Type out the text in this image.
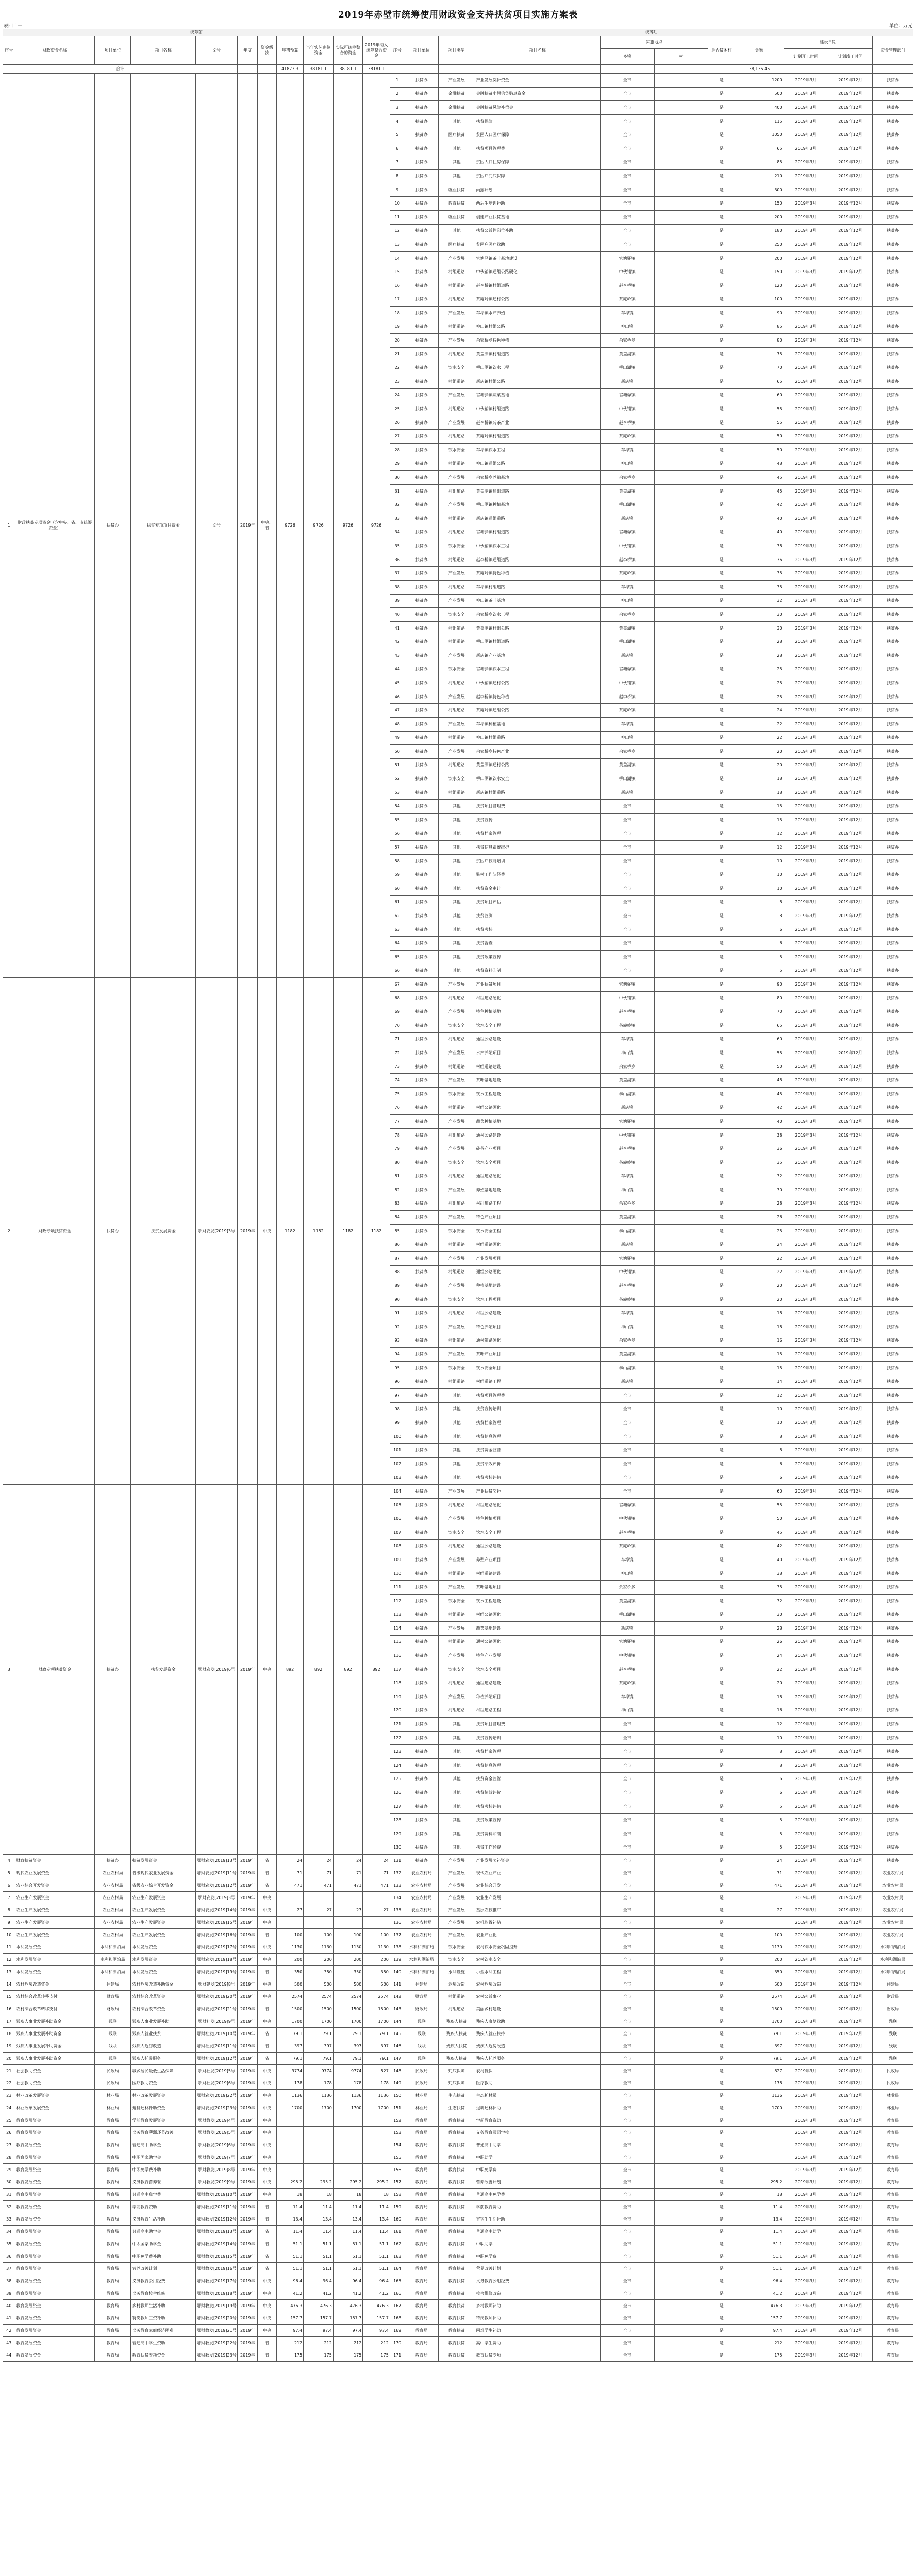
2019年赤壁市统筹使用财政资金支持扶贫项目实施方案表
表四十一	单位：万元
统筹前											统筹后										
序号	财政资金名称	项目单位	项目名称	文号	年度	资金级次	年初预算	当年实际到位资金	实际可统筹整合的资金	2019年纳入统筹整合资金	序号	项目单位	项目类型	项目名称	实施地点		是否贫困村	金额	建设日期		资金管理部门
															乡镇	村			计划开工时间	计划竣工时间	
合计							41873.3	38181.1	38181.1	38181.1								38,135.45			
1	财政扶贫专项资金（含中央、省、市统筹资金）	扶贫办	扶贫专项项目资金	文号	2019年	中央、省	9726	9726	9726	9726	1	扶贫办	产业发展	产业发展奖补资金	全市		是	1200	2019年3月	2019年12月	扶贫办
											2	扶贫办	金融扶贫	金融扶贫小额信贷贴息资金	全市		是	500	2019年3月	2019年12月	扶贫办
											3	扶贫办	金融扶贫	金融扶贫风险补偿金	全市		是	400	2019年3月	2019年12月	扶贫办
											4	扶贫办	其他	扶贫保险	全市		是	115	2019年3月	2019年12月	扶贫办
											5	扶贫办	医疗扶贫	贫困人口医疗保障	全市		是	1050	2019年3月	2019年12月	扶贫办
											6	扶贫办	其他	扶贫项目管理费	全市		是	65	2019年3月	2019年12月	扶贫办
											7	扶贫办	其他	贫困人口住房保障	全市		是	85	2019年3月	2019年12月	扶贫办
											8	扶贫办	其他	贫困户兜底保障	全市		是	210	2019年3月	2019年12月	扶贫办
											9	扶贫办	就业扶贫	雨露计划	全市		是	300	2019年3月	2019年12月	扶贫办
											10	扶贫办	教育扶贫	两后生培训补助	全市		是	150	2019年3月	2019年12月	扶贫办
											11	扶贫办	就业扶贫	创建产业扶贫基地	全市		是	200	2019年3月	2019年12月	扶贫办
											12	扶贫办	其他	扶贫公益性岗位补助	全市		是	180	2019年3月	2019年12月	扶贫办
											13	扶贫办	医疗扶贫	贫困户医疗救助	全市		是	250	2019年3月	2019年12月	扶贫办
											14	扶贫办	产业发展	官塘驿镇茶叶基地建设	官塘驿镇		是	200	2019年3月	2019年12月	扶贫办
											15	扶贫办	村组道路	中伙铺镇通组公路硬化	中伙铺镇		是	150	2019年3月	2019年12月	扶贫办
											16	扶贫办	村组道路	赵李桥镇村组道路	赵李桥镇		是	120	2019年3月	2019年12月	扶贫办
											17	扶贫办	村组道路	茶庵岭镇通村公路	茶庵岭镇		是	100	2019年3月	2019年12月	扶贫办
											18	扶贫办	产业发展	车埠镇水产养殖	车埠镇		是	90	2019年3月	2019年12月	扶贫办
											19	扶贫办	村组道路	神山镇村组公路	神山镇		是	85	2019年3月	2019年12月	扶贫办
											20	扶贫办	产业发展	余家桥乡特色种植	余家桥乡		是	80	2019年3月	2019年12月	扶贫办
											21	扶贫办	村组道路	黄盖湖镇村组道路	黄盖湖镇		是	75	2019年3月	2019年12月	扶贫办
											22	扶贫办	饮水安全	柳山湖镇饮水工程	柳山湖镇		是	70	2019年3月	2019年12月	扶贫办
											23	扶贫办	村组道路	新店镇村组公路	新店镇		是	65	2019年3月	2019年12月	扶贫办
											24	扶贫办	产业发展	官塘驿镇蔬菜基地	官塘驿镇		是	60	2019年3月	2019年12月	扶贫办
											25	扶贫办	村组道路	中伙铺镇村组道路	中伙铺镇		是	55	2019年3月	2019年12月	扶贫办
											26	扶贫办	产业发展	赵李桥镇砖茶产业	赵李桥镇		是	55	2019年3月	2019年12月	扶贫办
											27	扶贫办	村组道路	茶庵岭镇村组道路	茶庵岭镇		是	50	2019年3月	2019年12月	扶贫办
											28	扶贫办	饮水安全	车埠镇饮水工程	车埠镇		是	50	2019年3月	2019年12月	扶贫办
											29	扶贫办	村组道路	神山镇通组公路	神山镇		是	48	2019年3月	2019年12月	扶贫办
											30	扶贫办	产业发展	余家桥乡养殖基地	余家桥乡		是	45	2019年3月	2019年12月	扶贫办
											31	扶贫办	村组道路	黄盖湖镇通组道路	黄盖湖镇		是	45	2019年3月	2019年12月	扶贫办
											32	扶贫办	产业发展	柳山湖镇种植基地	柳山湖镇		是	42	2019年3月	2019年12月	扶贫办
											33	扶贫办	村组道路	新店镇通组道路	新店镇		是	40	2019年3月	2019年12月	扶贫办
											34	扶贫办	村组道路	官塘驿镇村组道路	官塘驿镇		是	40	2019年3月	2019年12月	扶贫办
											35	扶贫办	饮水安全	中伙铺镇饮水工程	中伙铺镇		是	38	2019年3月	2019年12月	扶贫办
											36	扶贫办	村组道路	赵李桥镇通组道路	赵李桥镇		是	36	2019年3月	2019年12月	扶贫办
											37	扶贫办	产业发展	茶庵岭镇特色种植	茶庵岭镇		是	35	2019年3月	2019年12月	扶贫办
											38	扶贫办	村组道路	车埠镇村组道路	车埠镇		是	35	2019年3月	2019年12月	扶贫办
											39	扶贫办	产业发展	神山镇茶叶基地	神山镇		是	32	2019年3月	2019年12月	扶贫办
											40	扶贫办	饮水安全	余家桥乡饮水工程	余家桥乡		是	30	2019年3月	2019年12月	扶贫办
											41	扶贫办	村组道路	黄盖湖镇村组公路	黄盖湖镇		是	30	2019年3月	2019年12月	扶贫办
											42	扶贫办	村组道路	柳山湖镇村组道路	柳山湖镇		是	28	2019年3月	2019年12月	扶贫办
											43	扶贫办	产业发展	新店镇产业基地	新店镇		是	28	2019年3月	2019年12月	扶贫办
											44	扶贫办	饮水安全	官塘驿镇饮水工程	官塘驿镇		是	25	2019年3月	2019年12月	扶贫办
											45	扶贫办	村组道路	中伙铺镇通村公路	中伙铺镇		是	25	2019年3月	2019年12月	扶贫办
											46	扶贫办	产业发展	赵李桥镇特色种植	赵李桥镇		是	25	2019年3月	2019年12月	扶贫办
											47	扶贫办	村组道路	茶庵岭镇通组公路	茶庵岭镇		是	24	2019年3月	2019年12月	扶贫办
											48	扶贫办	产业发展	车埠镇种植基地	车埠镇		是	22	2019年3月	2019年12月	扶贫办
											49	扶贫办	村组道路	神山镇村组道路	神山镇		是	22	2019年3月	2019年12月	扶贫办
											50	扶贫办	产业发展	余家桥乡特色产业	余家桥乡		是	20	2019年3月	2019年12月	扶贫办
											51	扶贫办	村组道路	黄盖湖镇通村公路	黄盖湖镇		是	20	2019年3月	2019年12月	扶贫办
											52	扶贫办	饮水安全	柳山湖镇饮水安全	柳山湖镇		是	18	2019年3月	2019年12月	扶贫办
											53	扶贫办	村组道路	新店镇村组道路	新店镇		是	18	2019年3月	2019年12月	扶贫办
											54	扶贫办	其他	扶贫项目管理费	全市		是	15	2019年3月	2019年12月	扶贫办
											55	扶贫办	其他	扶贫宣传	全市		是	15	2019年3月	2019年12月	扶贫办
											56	扶贫办	其他	扶贫档案管理	全市		是	12	2019年3月	2019年12月	扶贫办
											57	扶贫办	其他	扶贫信息系统维护	全市		是	12	2019年3月	2019年12月	扶贫办
											58	扶贫办	其他	贫困户技能培训	全市		是	10	2019年3月	2019年12月	扶贫办
											59	扶贫办	其他	驻村工作队经费	全市		是	10	2019年3月	2019年12月	扶贫办
											60	扶贫办	其他	扶贫资金审计	全市		是	10	2019年3月	2019年12月	扶贫办
											61	扶贫办	其他	扶贫项目评估	全市		是	8	2019年3月	2019年12月	扶贫办
											62	扶贫办	其他	扶贫监测	全市		是	8	2019年3月	2019年12月	扶贫办
											63	扶贫办	其他	扶贫考核	全市		是	6	2019年3月	2019年12月	扶贫办
											64	扶贫办	其他	扶贫督查	全市		是	6	2019年3月	2019年12月	扶贫办
											65	扶贫办	其他	扶贫政策宣传	全市		是	5	2019年3月	2019年12月	扶贫办
											66	扶贫办	其他	扶贫资料印制	全市		是	5	2019年3月	2019年12月	扶贫办
2	财政专项扶贫资金	扶贫办	扶贫发展资金	鄂财农发[2019]3号	2019年	中央	1182	1182	1182	1182	67	扶贫办	产业发展	产业扶贫项目	官塘驿镇		是	90	2019年3月	2019年12月	扶贫办
											68	扶贫办	村组道路	村组道路硬化	中伙铺镇		是	80	2019年3月	2019年12月	扶贫办
											69	扶贫办	产业发展	特色种植基地	赵李桥镇		是	70	2019年3月	2019年12月	扶贫办
											70	扶贫办	饮水安全	饮水安全工程	茶庵岭镇		是	65	2019年3月	2019年12月	扶贫办
											71	扶贫办	村组道路	通组公路建设	车埠镇		是	60	2019年3月	2019年12月	扶贫办
											72	扶贫办	产业发展	水产养殖项目	神山镇		是	55	2019年3月	2019年12月	扶贫办
											73	扶贫办	村组道路	村组道路建设	余家桥乡		是	50	2019年3月	2019年12月	扶贫办
											74	扶贫办	产业发展	茶叶基地建设	黄盖湖镇		是	48	2019年3月	2019年12月	扶贫办
											75	扶贫办	饮水安全	饮水工程建设	柳山湖镇		是	45	2019年3月	2019年12月	扶贫办
											76	扶贫办	村组道路	村组公路硬化	新店镇		是	42	2019年3月	2019年12月	扶贫办
											77	扶贫办	产业发展	蔬菜种植基地	官塘驿镇		是	40	2019年3月	2019年12月	扶贫办
											78	扶贫办	村组道路	通村公路建设	中伙铺镇		是	38	2019年3月	2019年12月	扶贫办
											79	扶贫办	产业发展	砖茶产业项目	赵李桥镇		是	36	2019年3月	2019年12月	扶贫办
											80	扶贫办	饮水安全	饮水安全项目	茶庵岭镇		是	35	2019年3月	2019年12月	扶贫办
											81	扶贫办	村组道路	通组道路硬化	车埠镇		是	32	2019年3月	2019年12月	扶贫办
											82	扶贫办	产业发展	养殖基地建设	神山镇		是	30	2019年3月	2019年12月	扶贫办
											83	扶贫办	村组道路	村组道路工程	余家桥乡		是	28	2019年3月	2019年12月	扶贫办
											84	扶贫办	产业发展	特色产业项目	黄盖湖镇		是	26	2019年3月	2019年12月	扶贫办
											85	扶贫办	饮水安全	饮水安全工程	柳山湖镇		是	25	2019年3月	2019年12月	扶贫办
											86	扶贫办	村组道路	村组道路硬化	新店镇		是	24	2019年3月	2019年12月	扶贫办
											87	扶贫办	产业发展	产业发展项目	官塘驿镇		是	22	2019年3月	2019年12月	扶贫办
											88	扶贫办	村组道路	通组公路硬化	中伙铺镇		是	22	2019年3月	2019年12月	扶贫办
											89	扶贫办	产业发展	种植基地建设	赵李桥镇		是	20	2019年3月	2019年12月	扶贫办
											90	扶贫办	饮水安全	饮水工程项目	茶庵岭镇		是	20	2019年3月	2019年12月	扶贫办
											91	扶贫办	村组道路	村组公路建设	车埠镇		是	18	2019年3月	2019年12月	扶贫办
											92	扶贫办	产业发展	特色养殖项目	神山镇		是	18	2019年3月	2019年12月	扶贫办
											93	扶贫办	村组道路	通村道路硬化	余家桥乡		是	16	2019年3月	2019年12月	扶贫办
											94	扶贫办	产业发展	茶叶产业项目	黄盖湖镇		是	15	2019年3月	2019年12月	扶贫办
											95	扶贫办	饮水安全	饮水安全项目	柳山湖镇		是	15	2019年3月	2019年12月	扶贫办
											96	扶贫办	村组道路	村组道路工程	新店镇		是	14	2019年3月	2019年12月	扶贫办
											97	扶贫办	其他	扶贫项目管理费	全市		是	12	2019年3月	2019年12月	扶贫办
											98	扶贫办	其他	扶贫宣传培训	全市		是	10	2019年3月	2019年12月	扶贫办
											99	扶贫办	其他	扶贫档案管理	全市		是	10	2019年3月	2019年12月	扶贫办
											100	扶贫办	其他	扶贫信息管理	全市		是	8	2019年3月	2019年12月	扶贫办
											101	扶贫办	其他	扶贫资金监管	全市		是	8	2019年3月	2019年12月	扶贫办
											102	扶贫办	其他	扶贫绩效评价	全市		是	6	2019年3月	2019年12月	扶贫办
											103	扶贫办	其他	扶贫考核评估	全市		是	6	2019年3月	2019年12月	扶贫办
3	财政专项扶贫资金	扶贫办	扶贫发展资金	鄂财农发[2019]6号	2019年	中央	892	892	892	892	104	扶贫办	产业发展	产业扶贫奖补	全市		是	60	2019年3月	2019年12月	扶贫办
											105	扶贫办	村组道路	村组道路硬化	官塘驿镇		是	55	2019年3月	2019年12月	扶贫办
											106	扶贫办	产业发展	特色种植项目	中伙铺镇		是	50	2019年3月	2019年12月	扶贫办
											107	扶贫办	饮水安全	饮水安全工程	赵李桥镇		是	45	2019年3月	2019年12月	扶贫办
											108	扶贫办	村组道路	通组公路建设	茶庵岭镇		是	42	2019年3月	2019年12月	扶贫办
											109	扶贫办	产业发展	养殖产业项目	车埠镇		是	40	2019年3月	2019年12月	扶贫办
											110	扶贫办	村组道路	村组道路建设	神山镇		是	38	2019年3月	2019年12月	扶贫办
											111	扶贫办	产业发展	茶叶基地项目	余家桥乡		是	35	2019年3月	2019年12月	扶贫办
											112	扶贫办	饮水安全	饮水工程建设	黄盖湖镇		是	32	2019年3月	2019年12月	扶贫办
											113	扶贫办	村组道路	村组公路硬化	柳山湖镇		是	30	2019年3月	2019年12月	扶贫办
											114	扶贫办	产业发展	蔬菜基地建设	新店镇		是	28	2019年3月	2019年12月	扶贫办
											115	扶贫办	村组道路	通村公路硬化	官塘驿镇		是	26	2019年3月	2019年12月	扶贫办
											116	扶贫办	产业发展	特色产业发展	中伙铺镇		是	24	2019年3月	2019年12月	扶贫办
											117	扶贫办	饮水安全	饮水安全项目	赵李桥镇		是	22	2019年3月	2019年12月	扶贫办
											118	扶贫办	村组道路	通组道路建设	茶庵岭镇		是	20	2019年3月	2019年12月	扶贫办
											119	扶贫办	产业发展	种植养殖项目	车埠镇		是	18	2019年3月	2019年12月	扶贫办
											120	扶贫办	村组道路	村组道路工程	神山镇		是	16	2019年3月	2019年12月	扶贫办
											121	扶贫办	其他	扶贫项目管理费	全市		是	12	2019年3月	2019年12月	扶贫办
											122	扶贫办	其他	扶贫宣传培训	全市		是	10	2019年3月	2019年12月	扶贫办
											123	扶贫办	其他	扶贫档案管理	全市		是	8	2019年3月	2019年12月	扶贫办
											124	扶贫办	其他	扶贫信息管理	全市		是	8	2019年3月	2019年12月	扶贫办
											125	扶贫办	其他	扶贫资金监管	全市		是	6	2019年3月	2019年12月	扶贫办
											126	扶贫办	其他	扶贫绩效评价	全市		是	6	2019年3月	2019年12月	扶贫办
											127	扶贫办	其他	扶贫考核评估	全市		是	5	2019年3月	2019年12月	扶贫办
											128	扶贫办	其他	扶贫政策宣传	全市		是	5	2019年3月	2019年12月	扶贫办
											129	扶贫办	其他	扶贫资料印制	全市		是	5	2019年3月	2019年12月	扶贫办
											130	扶贫办	其他	扶贫工作经费	全市		是	5	2019年3月	2019年12月	扶贫办
4	财政扶贫资金	扶贫办	扶贫发展资金	鄂财农发[2019]13号	2019年	省	24	24	24	24	131	扶贫办	产业发展	产业发展奖补资金	全市		是	24	2019年3月	2019年12月	扶贫办
5	现代农业发展资金	农业农村局	省级现代农业发展资金	鄂财农发[2019]11号	2019年	省	71	71	71	71	132	农业农村局	产业发展	现代农业产业	全市		是	71	2019年3月	2019年12月	农业农村局
6	农业综合开发资金	农业农村局	省级农业综合开发资金	鄂财农发[2019]12号	2019年	省	471	471	471	471	133	农业农村局	产业发展	农业综合开发	全市		是	471	2019年3月	2019年12月	农业农村局
7	农业生产发展资金	农业农村局	农业生产发展资金	鄂财农发[2019]3号	2019年	中央					134	农业农村局	产业发展	农业生产发展	全市		是		2019年3月	2019年12月	农业农村局
8	农业生产发展资金	农业农村局	农业生产发展资金	鄂财农发[2019]14号	2019年	中央	27	27	27	27	135	农业农村局	产业发展	基层农技推广	全市		是	27	2019年3月	2019年12月	农业农村局
9	农业生产发展资金	农业农村局	农业生产发展资金	鄂财农发[2019]15号	2019年	中央					136	农业农村局	产业发展	农机购置补贴	全市		是		2019年3月	2019年12月	农业农村局
10	农业生产发展资金	农业农村局	农业生产发展资金	鄂财农发[2019]16号	2019年	省	100	100	100	100	137	农业农村局	产业发展	农业产业化	全市		是	100	2019年3月	2019年12月	农业农村局
11	水利发展资金	水利和湖泊局	水利发展资金	鄂财农发[2019]17号	2019年	中央	1130	1130	1130	1130	138	水利和湖泊局	饮水安全	农村饮水安全巩固提升	全市		是	1130	2019年3月	2019年12月	水利和湖泊局
12	水利发展资金	水利和湖泊局	水利发展资金	鄂财农发[2019]18号	2019年	中央	200	200	200	200	139	水利和湖泊局	饮水安全	农村饮水安全	全市		是	200	2019年3月	2019年12月	水利和湖泊局
13	水利发展资金	水利和湖泊局	水利发展资金	鄂财农发[2019]19号	2019年	省	350	350	350	350	140	水利和湖泊局	水利设施	小型水利工程	全市		是	350	2019年3月	2019年12月	水利和湖泊局
14	农村危房改造资金	住建局	农村危房改造补助资金	鄂财建发[2019]8号	2019年	中央	500	500	500	500	141	住建局	危房改造	农村危房改造	全市		是	500	2019年3月	2019年12月	住建局
15	农村综合改革转移支付	财政局	农村综合改革资金	鄂财农发[2019]20号	2019年	中央	2574	2574	2574	2574	142	财政局	村组道路	农村公益事业	全市		是	2574	2019年3月	2019年12月	财政局
16	农村综合改革转移支付	财政局	农村综合改革资金	鄂财农发[2019]21号	2019年	省	1500	1500	1500	1500	143	财政局	村组道路	美丽乡村建设	全市		是	1500	2019年3月	2019年12月	财政局
17	残疾人事业发展补助资金	残联	残疾人事业发展补助	鄂财社发[2019]9号	2019年	中央	1700	1700	1700	1700	144	残联	残疾人扶贫	残疾人康复救助	全市		是	1700	2019年3月	2019年12月	残联
18	残疾人事业发展补助资金	残联	残疾人就业扶贫	鄂财社发[2019]10号	2019年	省	79.1	79.1	79.1	79.1	145	残联	残疾人扶贫	残疾人就业扶持	全市		是	79.1	2019年3月	2019年12月	残联
19	残疾人事业发展补助资金	残联	残疾人危房改造	鄂财社发[2019]11号	2019年	省	397	397	397	397	146	残联	残疾人扶贫	残疾人危房改造	全市		是	397	2019年3月	2019年12月	残联
20	残疾人事业发展补助资金	残联	残疾人托养服务	鄂财社发[2019]12号	2019年	省	79.1	79.1	79.1	79.1	147	残联	残疾人扶贫	残疾人托养服务	全市		是	79.1	2019年3月	2019年12月	残联
21	社会救助资金	民政局	城乡居民最低生活保障	鄂财社发[2019]5号	2019年	中央	9774	9774	9774	827	148	民政局	兜底保障	农村低保	全市		是	827	2019年3月	2019年12月	民政局
22	社会救助资金	民政局	医疗救助资金	鄂财社发[2019]6号	2019年	中央	178	178	178	178	149	民政局	兜底保障	医疗救助	全市		是	178	2019年3月	2019年12月	民政局
23	林业改革发展资金	林业局	林业改革发展资金	鄂财农发[2019]22号	2019年	中央	1136	1136	1136	1136	150	林业局	生态扶贫	生态护林员	全市		是	1136	2019年3月	2019年12月	林业局
24	林业改革发展资金	林业局	退耕还林补助资金	鄂财农发[2019]23号	2019年	中央	1700	1700	1700	1700	151	林业局	生态扶贫	退耕还林补助	全市		是	1700	2019年3月	2019年12月	林业局
25	教育发展资金	教育局	学前教育发展资金	鄂财教发[2019]4号	2019年	中央					152	教育局	教育扶贫	学前教育资助	全市		是		2019年3月	2019年12月	教育局
26	教育发展资金	教育局	义务教育薄弱环节改善	鄂财教发[2019]5号	2019年	中央					153	教育局	教育扶贫	义务教育薄弱学校	全市		是		2019年3月	2019年12月	教育局
27	教育发展资金	教育局	普通高中助学金	鄂财教发[2019]6号	2019年	中央					154	教育局	教育扶贫	普通高中助学	全市		是		2019年3月	2019年12月	教育局
28	教育发展资金	教育局	中职国家助学金	鄂财教发[2019]7号	2019年	中央					155	教育局	教育扶贫	中职助学	全市		是		2019年3月	2019年12月	教育局
29	教育发展资金	教育局	中职免学费补助	鄂财教发[2019]8号	2019年	中央					156	教育局	教育扶贫	中职免学费	全市		是		2019年3月	2019年12月	教育局
30	教育发展资金	教育局	义务教育营养餐	鄂财教发[2019]9号	2019年	中央	295.2	295.2	295.2	295.2	157	教育局	教育扶贫	营养改善计划	全市		是	295.2	2019年3月	2019年12月	教育局
31	教育发展资金	教育局	普通高中免学费	鄂财教发[2019]10号	2019年	中央	18	18	18	18	158	教育局	教育扶贫	普通高中免学费	全市		是	18	2019年3月	2019年12月	教育局
32	教育发展资金	教育局	学前教育资助	鄂财教发[2019]11号	2019年	省	11.4	11.4	11.4	11.4	159	教育局	教育扶贫	学前教育资助	全市		是	11.4	2019年3月	2019年12月	教育局
33	教育发展资金	教育局	义务教育生活补助	鄂财教发[2019]12号	2019年	省	13.4	13.4	13.4	13.4	160	教育局	教育扶贫	寄宿生生活补助	全市		是	13.4	2019年3月	2019年12月	教育局
34	教育发展资金	教育局	普通高中助学金	鄂财教发[2019]13号	2019年	省	11.4	11.4	11.4	11.4	161	教育局	教育扶贫	普通高中助学	全市		是	11.4	2019年3月	2019年12月	教育局
35	教育发展资金	教育局	中职国家助学金	鄂财教发[2019]14号	2019年	省	51.1	51.1	51.1	51.1	162	教育局	教育扶贫	中职助学	全市		是	51.1	2019年3月	2019年12月	教育局
36	教育发展资金	教育局	中职免学费补助	鄂财教发[2019]15号	2019年	省	51.1	51.1	51.1	51.1	163	教育局	教育扶贫	中职免学费	全市		是	51.1	2019年3月	2019年12月	教育局
37	教育发展资金	教育局	营养改善计划	鄂财教发[2019]16号	2019年	省	51.1	51.1	51.1	51.1	164	教育局	教育扶贫	营养改善计划	全市		是	51.1	2019年3月	2019年12月	教育局
38	教育发展资金	教育局	义务教育公用经费	鄂财教发[2019]17号	2019年	中央	96.4	96.4	96.4	96.4	165	教育局	教育扶贫	义务教育公用经费	全市		是	96.4	2019年3月	2019年12月	教育局
39	教育发展资金	教育局	义务教育校舍维修	鄂财教发[2019]18号	2019年	中央	41.2	41.2	41.2	41.2	166	教育局	教育扶贫	校舍维修改造	全市		是	41.2	2019年3月	2019年12月	教育局
40	教育发展资金	教育局	乡村教师生活补助	鄂财教发[2019]19号	2019年	中央	476.3	476.3	476.3	476.3	167	教育局	教育扶贫	乡村教师补助	全市		是	476.3	2019年3月	2019年12月	教育局
41	教育发展资金	教育局	特岗教师工资补助	鄂财教发[2019]20号	2019年	中央	157.7	157.7	157.7	157.7	168	教育局	教育扶贫	特岗教师补助	全市		是	157.7	2019年3月	2019年12月	教育局
42	教育发展资金	教育局	义务教育家庭经济困难	鄂财教发[2019]21号	2019年	中央	97.4	97.4	97.4	97.4	169	教育局	教育扶贫	困难学生补助	全市		是	97.4	2019年3月	2019年12月	教育局
43	教育发展资金	教育局	普通高中学生资助	鄂财教发[2019]22号	2019年	省	212	212	212	212	170	教育局	教育扶贫	高中学生资助	全市		是	212	2019年3月	2019年12月	教育局
44	教育发展资金	教育局	教育扶贫专项资金	鄂财教发[2019]23号	2019年	省	175	175	175	175	171	教育局	教育扶贫	教育扶贫专项	全市		是	175	2019年3月	2019年12月	教育局
